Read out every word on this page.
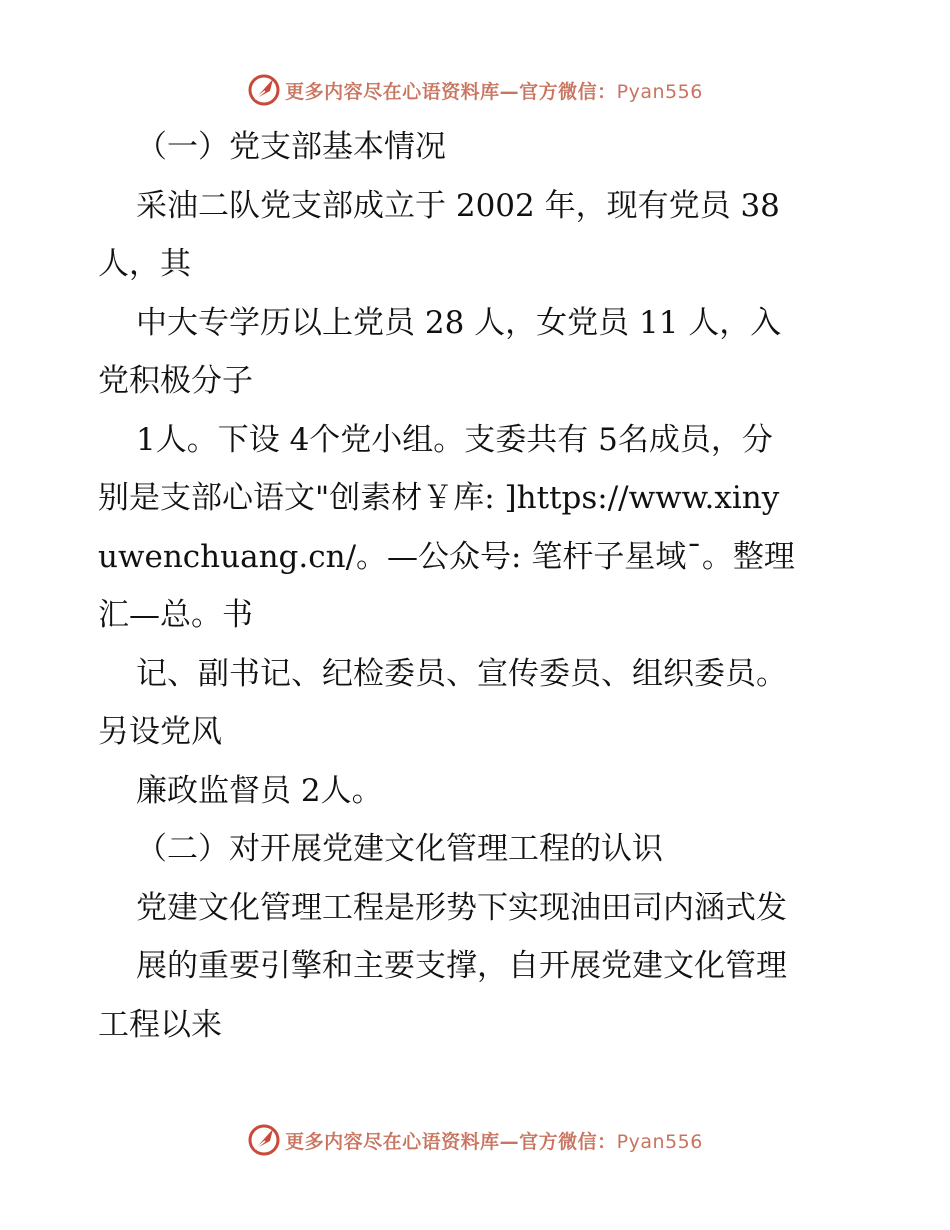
更多内容尽在心语资料库—官方微信：Pyan556
（一）党支部基本情况
采油二队党支部成立于 2002 年，现有党员 38
人，其
中大专学历以上党员 28 人，女党员 11 人，入
党积极分子
1人。下设 4个党小组。支委共有 5名成员，分
别是支部心语文"创素材￥库: ]https://www.xiny
uwenchuang.cn/。—公众号: 笔杆子星域¯。整理
汇—总。书
记、副书记、纪检委员、宣传委员、组织委员。
另设党风
廉政监督员 2人。
（二）对开展党建文化管理工程的认识
党建文化管理工程是形势下实现油田司内涵式发
展的重要引擎和主要支撑，自开展党建文化管理
工程以来
更多内容尽在心语资料库—官方微信：Pyan556
